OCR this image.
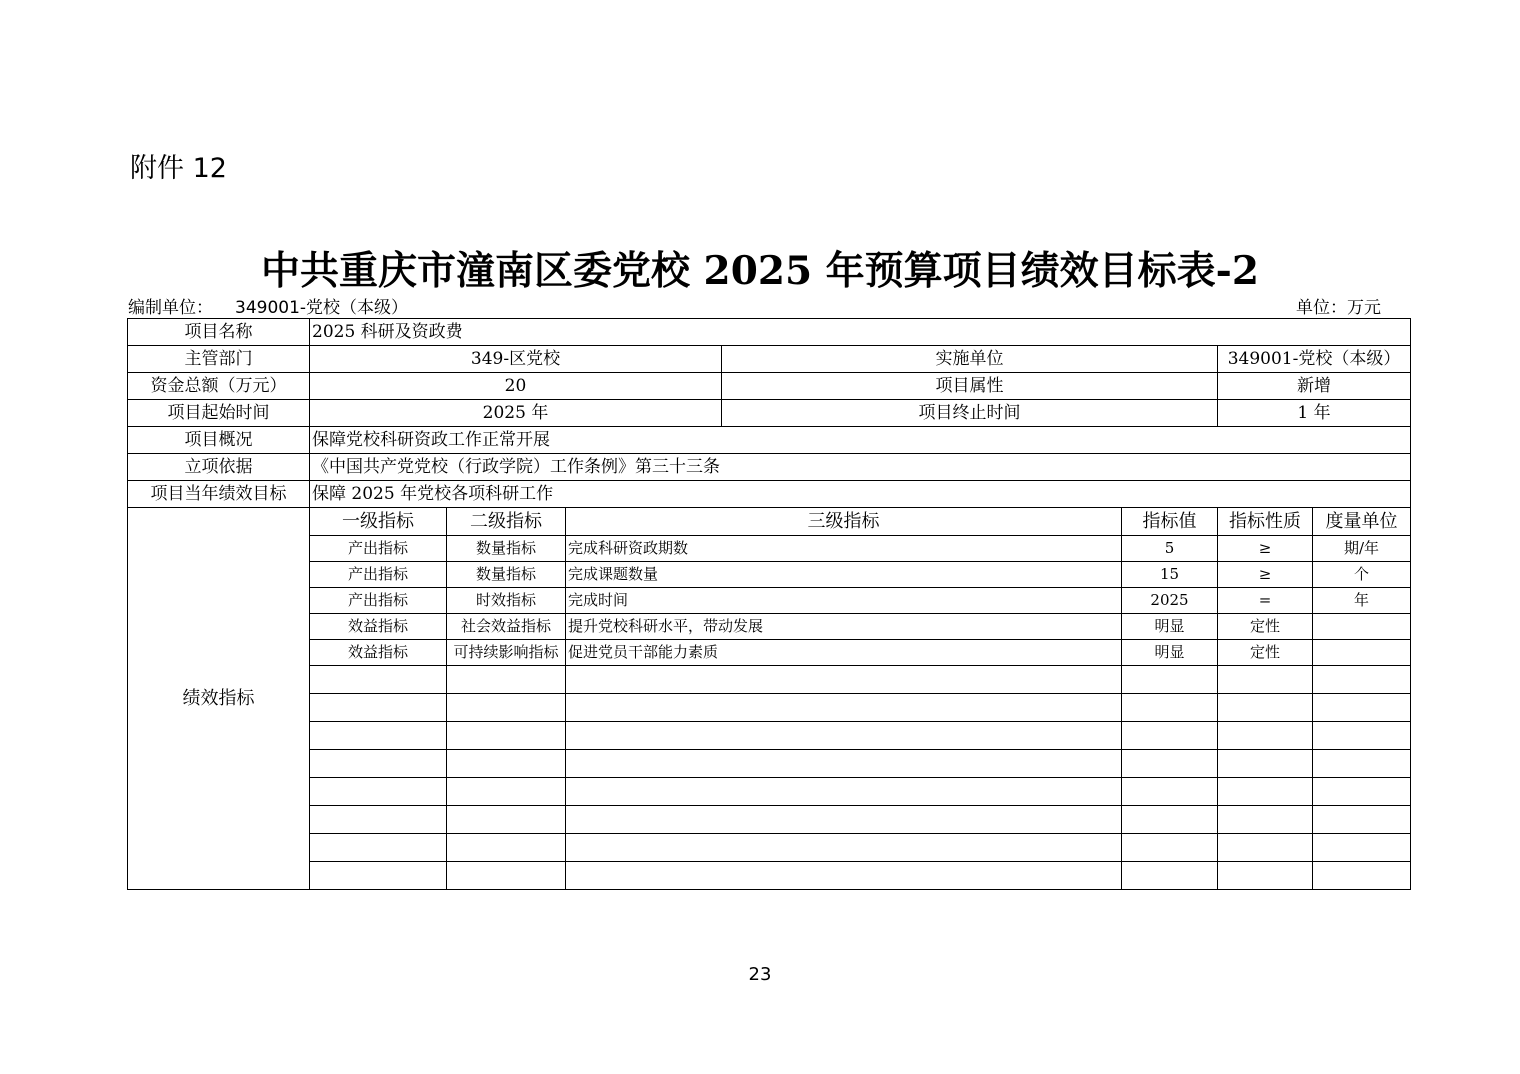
附件 12
中共重庆市潼南区委党校 2025 年预算项目绩效目标表-2
编制单位： 349001-党校（本级）	单位：万元
项目名称	2025 科研及资政费						
主管部门	349-区党校			实施单位		349001-党校（本级）	
资金总额（万元）	20			项目属性		新增	
项目起始时间	2025 年			项目终止时间		1 年	
项目概况	保障党校科研资政工作正常开展						
立项依据	《中国共产党党校（行政学院）工作条例》第三十三条						
项目当年绩效目标	保障 2025 年党校各项科研工作						
绩效指标	一级指标	二级指标	三级指标		指标值	指标性质	度量单位
	产出指标	数量指标	完成科研资政期数		5	≥	期/年
	产出指标	数量指标	完成课题数量		15	≥	个
	产出指标	时效指标	完成时间		2025	=	年
	效益指标	社会效益指标	提升党校科研水平，带动发展		明显	定性	
	效益指标	可持续影响指标	促进党员干部能力素质		明显	定性	

23
